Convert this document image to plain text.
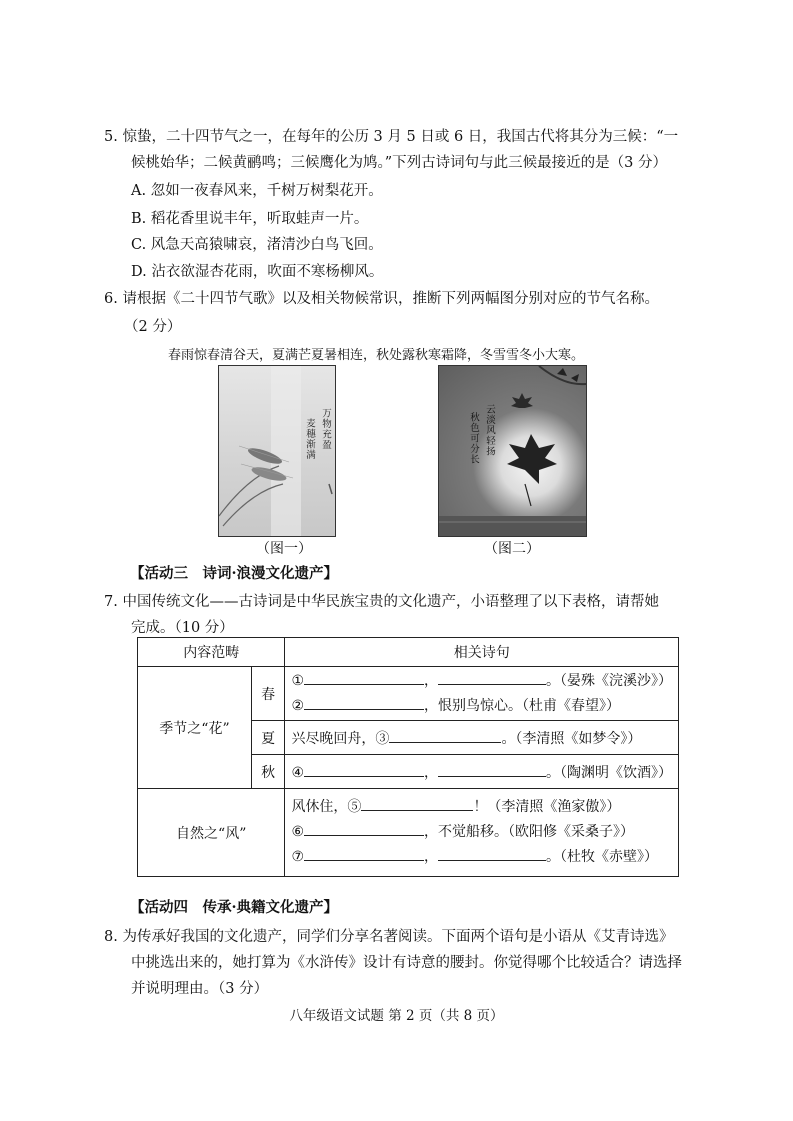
5. 惊蛰，二十四节气之一，在每年的公历 3 月 5 日或 6 日，我国古代将其分为三候：“一
候桃始华；二候黄鹂鸣；三候鹰化为鸠。”下列古诗词句与此三候最接近的是（3 分）
A. 忽如一夜春风来，千树万树梨花开。
B. 稻花香里说丰年，听取蛙声一片。
C. 风急天高猿啸哀，渚清沙白鸟飞回。
D. 沾衣欲湿杏花雨，吹面不寒杨柳风。
6. 请根据《二十四节气歌》以及相关物候常识，推断下列两幅图分别对应的节气名称。
（2 分）
春雨惊春清谷天，夏满芒夏暑相连，秋处露秋寒霜降，冬雪雪冬小大寒。
万物充盈
麦穗渐满
（图一）
云淡风轻扬
秋色可分长
（图二）
【活动三　诗词·浪漫文化遗产】
7. 中国传统文化——古诗词是中华民族宝贵的文化遗产，小语整理了以下表格，请帮她
完成。（10 分）
内容范畴		相关诗句
季节之“花”	春	① ， 。（晏殊《浣溪沙》）
② ，恨别鸟惊心。（杜甫《春望》）

	夏	兴尽晚回舟，③ 。（李清照《如梦令》）
	秋	④ ， 。（陶渊明《饮酒》）
自然之“风”		风休住，⑤ ！（李清照《渔家傲》）
⑥ ，不觉船移。（欧阳修《采桑子》）
⑦ ， 。（杜牧《赤壁》）
【活动四　传承·典籍文化遗产】
8. 为传承好我国的文化遗产，同学们分享名著阅读。下面两个语句是小语从《艾青诗选》
中挑选出来的，她打算为《水浒传》设计有诗意的腰封。你觉得哪个比较适合？请选择
并说明理由。（3 分）
八年级语文试题 第 2 页（共 8 页）
